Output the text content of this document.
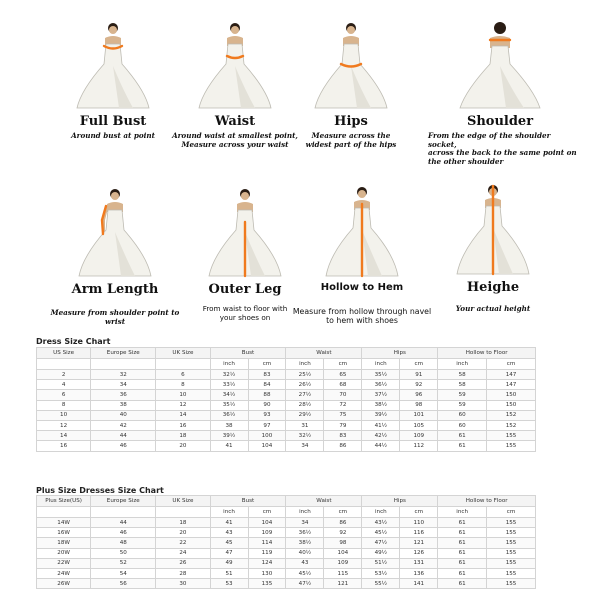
Full Bust
Around bust at point
Waist
Around waist at smallest point,
Measure across your waist
Hips
Measure across the
widest part of the hips
Shoulder
From the edge of the shoulder socket,
across the back to the same point on
the other shoulder
Arm Length
Measure from shoulder point to wrist
Outer Leg
From waist to floor with
your shoes on
Hollow to Hem
Measure from hollow through navel
to hem with shoes
Heighe
Your actual height
Dress Size Chart
US Size	Europe Size	UK Size	Bust		Waist		Hips		Hollow to Floor	
			inch	cm	inch	cm	inch	cm	inch	cm
2	32	6	32½	83	25½	65	35½	91	58	147
4	34	8	33½	84	26½	68	36½	92	58	147
6	36	10	34½	88	27½	70	37½	96	59	150
8	38	12	35½	90	28½	72	38½	98	59	150
10	40	14	36½	93	29½	75	39½	101	60	152
12	42	16	38	97	31	79	41½	105	60	152
14	44	18	39½	100	32½	83	42½	109	61	155
16	46	20	41	104	34	86	44½	112	61	155
Plus Size Dresses Size Chart
Plus Size(US)	Europe Size	UK Size	Bust		Waist		Hips		Hollow to Floor	
			inch	cm	inch	cm	inch	cm	inch	cm
14W	44	18	41	104	34	86	43½	110	61	155
16W	46	20	43	109	36½	92	45½	116	61	155
18W	48	22	45	114	38½	98	47½	121	61	155
20W	50	24	47	119	40½	104	49½	126	61	155
22W	52	26	49	124	43	109	51½	131	61	155
24W	54	28	51	130	45½	115	53½	136	61	155
26W	56	30	53	135	47½	121	55½	141	61	155
